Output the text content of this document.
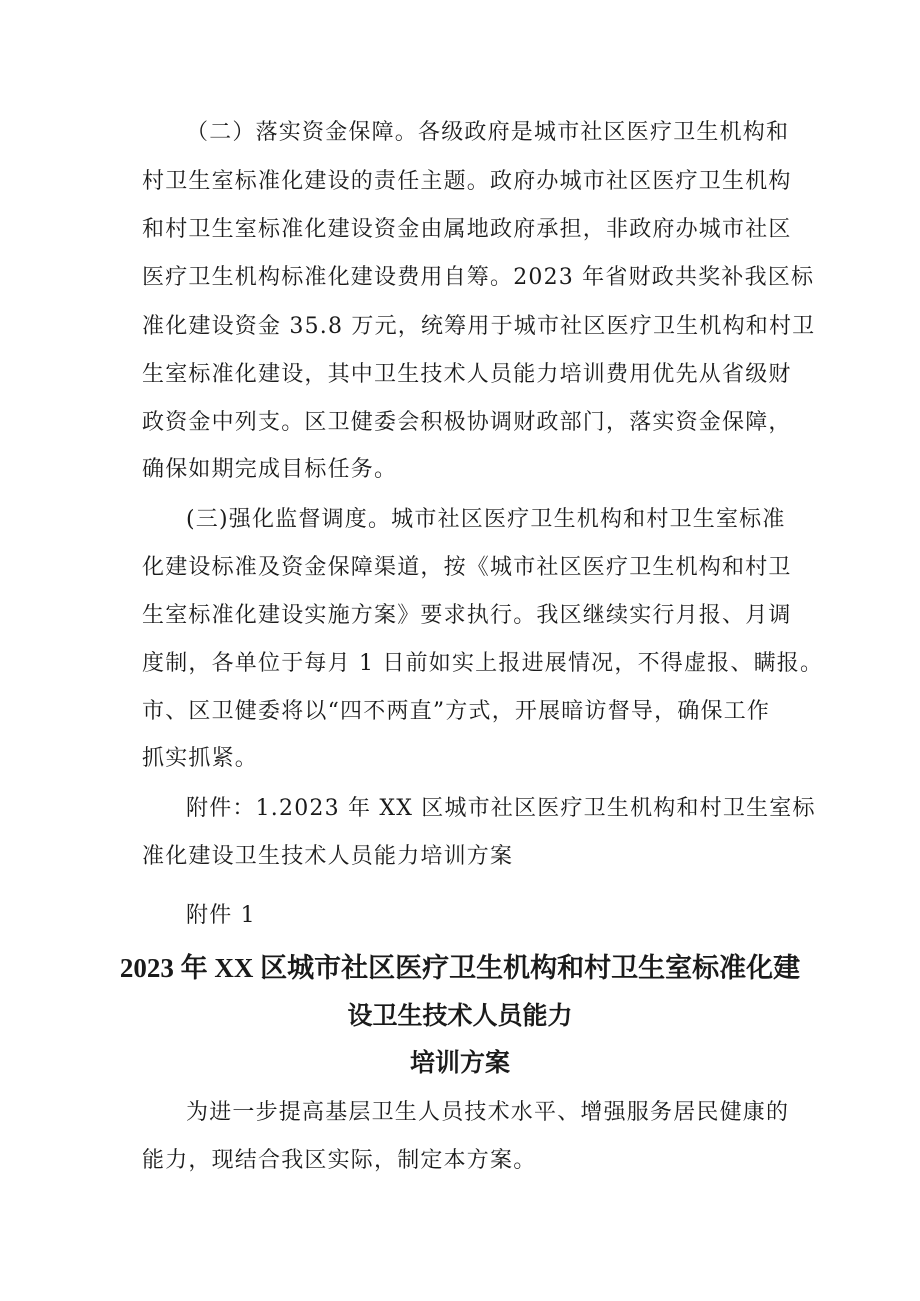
（二）落实资金保障。各级政府是城市社区医疗卫生机构和
村卫生室标准化建设的责任主题。政府办城市社区医疗卫生机构
和村卫生室标准化建设资金由属地政府承担，非政府办城市社区
医疗卫生机构标准化建设费用自筹。2023 年省财政共奖补我区标
准化建设资金 35.8 万元，统筹用于城市社区医疗卫生机构和村卫
生室标准化建设，其中卫生技术人员能力培训费用优先从省级财
政资金中列支。区卫健委会积极协调财政部门，落实资金保障，
确保如期完成目标任务。
(三)强化监督调度。城市社区医疗卫生机构和村卫生室标准
化建设标准及资金保障渠道，按《城市社区医疗卫生机构和村卫
生室标准化建设实施方案》要求执行。我区继续实行月报、月调
度制，各单位于每月 1 日前如实上报进展情况，不得虚报、瞒报。
市、区卫健委将以“四不两直”方式，开展暗访督导，确保工作
抓实抓紧。
附件：1.2023 年 XX 区城市社区医疗卫生机构和村卫生室标
准化建设卫生技术人员能力培训方案
附件 1
2023 年 XX 区城市社区医疗卫生机构和村卫生室标准化建
设卫生技术人员能力
培训方案
为进一步提高基层卫生人员技术水平、增强服务居民健康的
能力，现结合我区实际，制定本方案。
